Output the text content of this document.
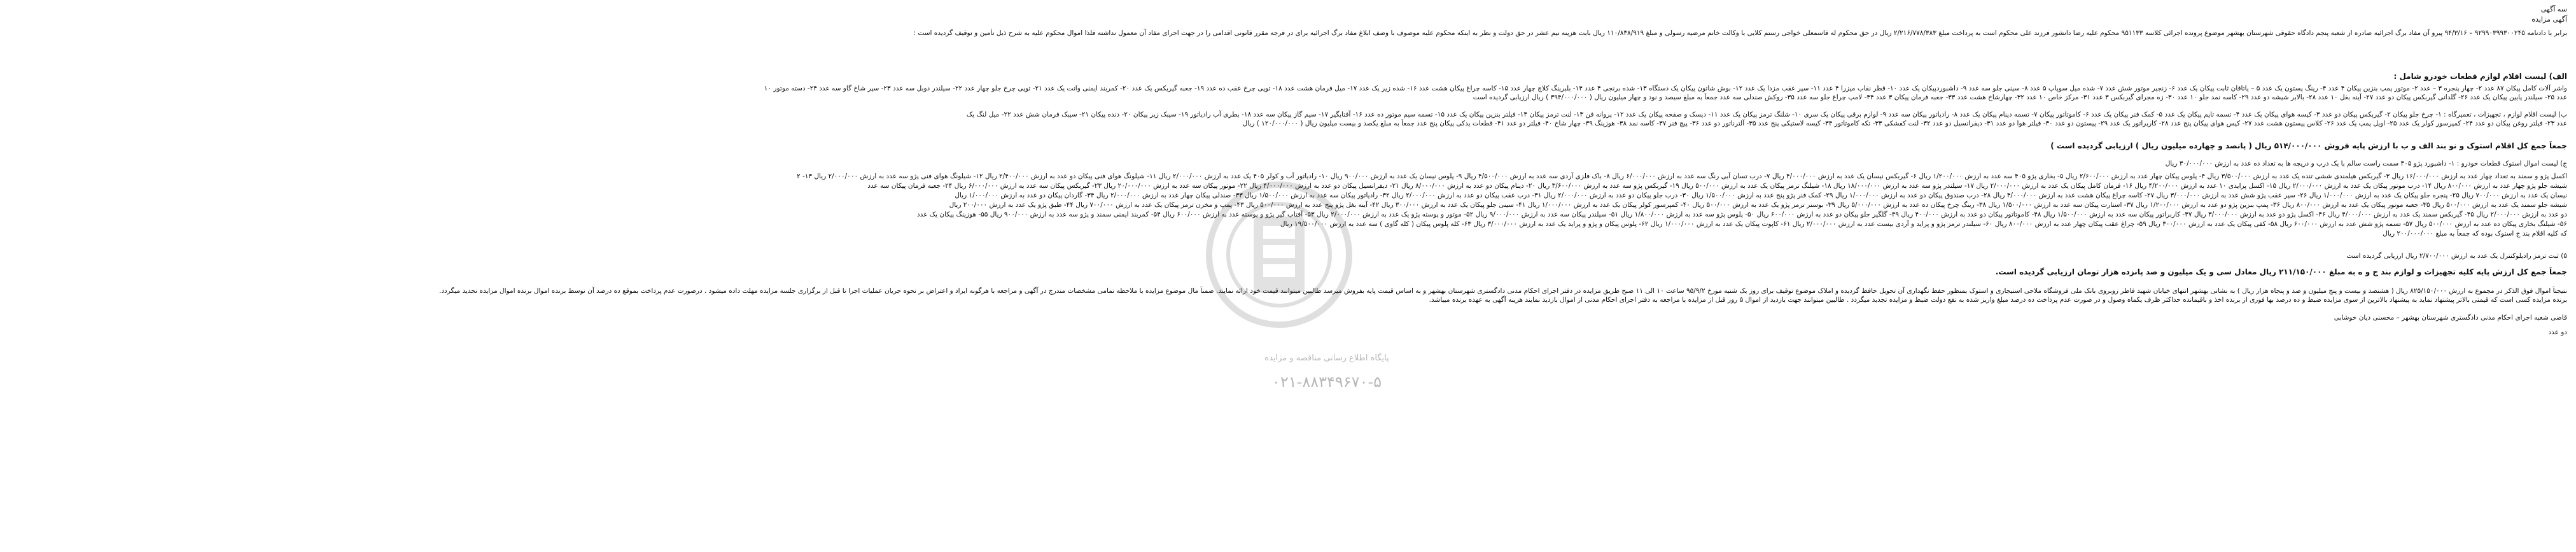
سه آگهی
آگهی مزایده
برابر با دادنامه ۹۲۹۹۰۳۹۹۳۰۰۲۴۵ – ۹۴/۳/۱۶ پیرو آن مفاد برگ اجرائیه صادره از شعبه پنجم دادگاه حقوقی شهرستان بهشهر موضوع پرونده اجرائی کلاسه ۹۵۱۱۳۳ محکوم علیه رضا دانشور فرزند علی محکوم است به پرداخت مبلغ ۲/۲۱۶/۷۷۸/۳۸۳ ریال در حق محکوم له قاسمعلی خواجی رستم کلایی با وکالت خانم مرضیه رسولی و مبلغ ۱۱۰/۸۳۸/۹۱۹ ریال بابت هزینه نیم عشر در حق دولت و نظر به اینکه محکوم علیه موصوف با وصف ابلاغ مفاد برگ اجرائیه برای در فرجه مقرر قانونی اقدامی را در جهت اجرای مفاد آن معمول نداشته فلذا اموال محکوم علیه به شرح ذیل تأمین و توقیف گردیده است :
الف) لیست اقلام لوازم قطعات خودرو شامل :
واشر آلات کامل پیکان ۸۷ عدد ۲- چهار پنجره ۳ – عدد ۲- موتور پمپ بنزین پیکان ۴ عدد ۴- رینگ پستون یک عدد ۵ – یاتاقان ثابت پیکان یک عدد ۶- زنجیر موتور شش عدد ۷- شده میل سوپاپ ۵ عدد ۸- سینی جلو سه عدد ۹- داشبوردپیکان یک عدد ۱۰- قطر نقاب میزرا ۴ عدد ۱۱- سپر عقب مزدا یک عدد ۱۲- بوش شاتون پیکان یک دستگاه ۱۳- شده برنجی ۴ عدد ۱۴- بلبرینگ کلاچ چهار عدد ۱۵- کاسه چراغ پیکان هشت عدد ۱۶- شده زیر یک عدد ۱۷- میل فرمان هشت عدد ۱۸- توپی چرخ عقب ده عدد ۱۹- جعبه گیربکس یک عدد ۲۰- کمربند ایمنی وانت یک عدد ۲۱- توپی چرخ جلو چهار عدد ۲۲- سیلندر دوبل سه عدد ۲۳- سپر شاخ گاو سه عدد ۲۴- دسته موتور ۱۰
عدد ۲۵- سیلندر پایین پیکان یک عدد ۲۶- گلدانی گیربکس پیکان دو عدد ۲۷- آینه بغل ۱۰ عدد ۲۸- بالابر شیشه دو عدد ۲۹- کاسه نمد جلو ۱۰ عدد ۳۰- زه مجرای گیربکس ۳ عدد ۳۱- مرکز خاص ۱۰ عدد ۳۲- چهارشاخ هشت عدد ۳۳- جعبه فرمان پیکان ۳ عدد ۳۴- لامپ چراغ جلو سه عدد ۳۵- روکش صندلی سه عدد جمعاً به مبلغ سیصد و نود و چهار میلیون ریال ( ۳۹۴/۰۰۰/۰۰۰ ) ریال ارزیابی گردیده است
ب) لیست اقلام لوازم ، تجهیزات ، تعمیرگاه : ۱- چرخ جلو پیکان ۲- گیربکس پیکان دو عدد ۳- کیسه هوای پیکان یک عدد ۴- تسمه تایم پیکان یک عدد ۵- کمک فنر پیکان یک عدد ۶- کاموتاتور پیکان ۷- تسمه دینام پیکان یک عدد ۸- رادیاتور پیکان سه عدد ۹- لوازم برقی پیکان یک سری ۱۰- شلنگ ترمز پیکان یک عدد ۱۱- دیسک و صفحه پیکان یک عدد ۱۲- پروانه فن ۱۳- لنت ترمز پیکان ۱۴- فیلتر بنزین پیکان یک عدد ۱۵- تسمه سیم موتور ده عدد ۱۶- آفتابگیر ۱۷- سیم گاز پیکان سه عدد ۱۸- بطری آب رادیاتور ۱۹- سیبک زیر پیکان ۲۰- دنده پیکان ۲۱- سیبک فرمان شش عدد ۲۲- میل لنگ یک
عدد ۲۳- فیلتر روغن پیکان دو عدد ۲۴- کمپرسور کولر یک عدد ۲۵- اویل پمپ یک عدد ۲۶- کلاس پیستون هشت عدد ۲۷- کیس هوای پیکان پنج عدد ۲۸- کاربراتور یک عدد ۲۹- پیستون دو عدد ۳۰- فیلتر هوا دو عدد ۳۱- دیفرانسیل دو عدد ۳۲- لنت کفشکی ۳۳- تکه کاموتاتور ۳۴- کیسه لاستیکی پنج عدد ۳۵- آلترناتور دو عدد ۳۶- پیچ فنر ۳۷- کاسه نمد ۳۸- هوزینگ ۳۹- چهار شاخ ۴۰- فیلتر دو عدد ۴۱- قطعات یدکی پیکان پنج عدد جمعاً به مبلغ یکصد و بیست میلیون ریال ( ۱۲۰/۰۰۰/۰۰۰ ) ریال
جمعاً جمع کل اقلام استوک و نو بند الف و ب با ارزش پایه فروش ۵۱۴/۰۰۰/۰۰۰ ریال ( پانصد و چهارده میلیون ریال ) ارزیابی گردیده است )
ج) لیست اموال استوک قطعات خودرو : ۱- داشبورد پژو ۴۰۵ سمت راست سالم با یک درب و دریچه ها به تعداد ده عدد به ارزش ۳۰/۰۰۰/۰۰۰ ریال
اکسل پژو و سمند به تعداد چهار عدد به ارزش ۱۶/۰۰۰/۰۰۰ ریال ۳- گیربکس هیلمندی ششی تنده یک عدد به ارزش ۳/۵۰۰/۰۰۰ ریال ۴- پلوس پیکان چهار عدد به ارزش ۲/۶۰۰/۰۰۰ ریال ۵- بخاری پژو ۴۰۵ سه عدد به ارزش ۱/۲۰۰/۰۰۰ ریال ۶- گیربکس نیسان یک عدد به ارزش ۴/۰۰۰/۰۰۰ ریال ۷- درب تسان آبی رنگ سه عدد به ارزش ۶/۰۰۰/۰۰۰ ریال ۸- باک فلزی آردی سه عدد به ارزش ۴/۵۰۰/۰۰۰ ریال ۹- پلوس نیسان یک عدد به ارزش ۹۰۰/۰۰۰ ریال ۱۰- رادیاتور آب و کولر ۴۰۵ یک عدد به ارزش ۲/۰۰۰/۰۰۰ ریال ۱۱- شیلونگ هوای فنی پیکان دو عدد به ارزش ۲/۴۰۰/۰۰۰ ریال ۱۲- شیلونگ هوای فنی پژو سه عدد به ارزش ۲/۰۰۰/۰۰۰ ریال ۱۳- ۲
شیشه جلو پژو چهار عدد به ارزش ۸۰۰/۰۰۰ ریال ۱۴- درب موتور پیکان یک عدد به ارزش ۲/۰۰۰/۰۰۰ ریال ۱۵- اکسل پرایدی ۱۰ عدد به ارزش ۴/۲۰۰/۰۰۰ ریال ۱۶- فرمان کامل پیکان یک عدد به ارزش ۲/۰۰۰/۰۰۰ ریال ۱۷- سیلندر پژو سه عدد به ارزش ۱۸/۰۰۰/۰۰۰ ریال ۱۸- شیلنگ ترمز پیکان یک عدد به ارزش ۵۰۰/۰۰۰ ریال ۱۹- گیربکس پژو سه عدد به ارزش ۳/۶۰۰/۰۰۰ ریال ۲۰- دینام پیکان دو عدد به ارزش ۸/۰۰۰/۰۰۰ ریال ۲۱- دیفرانسیل پیکان دو عدد به ارزش ۴/۰۰۰/۰۰۰ ریال ۲۲- موتور پیکان سه عدد به ارزش ۲۰/۰۰۰/۰۰۰ ریال ۲۳- گیربکس پیکان سه عدد به ارزش ۶/۰۰۰/۰۰۰ ریال ۲۴- جعبه فرمان پیکان سه عدد
نیسان یک عدد به ارزش ۷۰۰/۰۰۰ ریال ۲۵- پنجره جلو پیکان یک عدد به ارزش ۱/۰۰۰/۰۰۰ ریال ۲۶- سپر عقب پژو شش عدد به ارزش ۳/۰۰۰/۰۰۰ ریال ۲۷- کاسه چراغ پیکان هشت عدد به ارزش ۴/۰۰۰/۰۰۰ ریال ۲۸- درب صندوق پیکان دو عدد به ارزش ۱/۰۰۰/۰۰۰ ریال ۲۹- کمک فنر پژو پنج عدد به ارزش ۱/۵۰۰/۰۰۰ ریال ۳۰- درب جلو پیکان دو عدد به ارزش ۲/۰۰۰/۰۰۰ ریال ۳۱- درب عقب پیکان دو عدد به ارزش ۲/۰۰۰/۰۰۰ ریال ۳۲- رادیاتور پیکان سه عدد به ارزش ۱/۵۰۰/۰۰۰ ریال ۳۳- صندلی پیکان چهار عدد به ارزش ۲/۰۰۰/۰۰۰ ریال ۳۴- گاردان پیکان دو عدد به ارزش ۱/۰۰۰/۰۰۰ ریال
شیشه جلو سمند یک عدد به ارزش ۵۰۰/۰۰۰ ریال ۳۵- جعبه موتور پیکان یک عدد به ارزش ۸۰۰/۰۰۰ ریال ۳۶- پمپ بنزین پژو دو عدد به ارزش ۱/۲۰۰/۰۰۰ ریال ۳۷- استارت پیکان سه عدد به ارزش ۱/۵۰۰/۰۰۰ ریال ۳۸- رینگ چرخ پیکان ده عدد به ارزش ۵/۰۰۰/۰۰۰ ریال ۳۹- بوستر ترمز پژو یک عدد به ارزش ۵۰۰/۰۰۰ ریال ۴۰- کمپرسور کولر پیکان یک عدد به ارزش ۱/۰۰۰/۰۰۰ ریال ۴۱- سینی جلو پیکان یک عدد به ارزش ۳۰۰/۰۰۰ ریال ۴۲- آینه بغل پژو پنج عدد به ارزش ۵۰۰/۰۰۰ ریال ۴۳- پمپ و مخزن ترمز پیکان یک عدد به ارزش ۷۰۰/۰۰۰ ریال ۴۴- طبق پژو یک عدد به ارزش ۲۰۰/۰۰۰ ریال
دو عدد به ارزش ۲/۰۰۰/۰۰۰ ریال ۴۵- گیربکس سمند یک عدد به ارزش ۴/۰۰۰/۰۰۰ ریال ۴۶- اکسل پژو دو عدد به ارزش ۳/۰۰۰/۰۰۰ ریال ۴۷- کاربراتور پیکان سه عدد به ارزش ۱/۵۰۰/۰۰۰ ریال ۴۸- کاموتاتور پیکان دو عدد به ارزش ۴۰۰/۰۰۰ ریال ۴۹- گلگیر جلو پیکان دو عدد به ارزش ۶۰۰/۰۰۰ ریال ۵۰- پلوس پژو سه عدد به ارزش ۱/۸۰۰/۰۰۰ ریال ۵۱- سیلندر پیکان سه عدد به ارزش ۹/۰۰۰/۰۰۰ ریال ۵۲- موتور و پوسته پژو یک عدد به ارزش ۲/۰۰۰/۰۰۰ ریال ۵۳- آفتاب گیر پژو و پوسته عدد به ارزش ۶۰۰/۰۰۰ ریال ۵۴- کمربند ایمنی سمند و پژو سه عدد به ارزش ۹۰۰/۰۰۰ ریال ۵۵- هوزینگ پیکان یک عدد
۵۶- شیلنگ بخاری پیکان ده عدد به ارزش ۵۰۰/۰۰۰ ریال ۵۷- تسمه پژو شش عدد به ارزش ۶۰۰/۰۰۰ ریال ۵۸- کفی پیکان یک عدد به ارزش ۳۰۰/۰۰۰ ریال ۵۹- چراغ عقب پیکان چهار عدد به ارزش ۸۰۰/۰۰۰ ریال ۶۰- سیلندر ترمز پژو و پراید و آردی بیست عدد به ارزش ۲/۰۰۰/۰۰۰ ریال ۶۱- کاپوت پیکان یک عدد به ارزش ۱/۰۰۰/۰۰۰ ریال ۶۲- پلوس پیکان و پژو و پراید یک عدد به ارزش ۳/۰۰۰/۰۰۰ ریال ۶۳- کله پلوس پیکان ( کله گاوی ) سه عدد به ارزش ۱۹/۵۰۰/۰۰۰ ریال
که کلیه اقلام بند ج استوک بوده که جمعاً به مبلغ ۲۰۰/۰۰۰/۰۰۰ ریال
۵) ثبت ترمز رادیلوکنترل یک عدد به ارزش ۲/۷۰۰/۰۰۰ ریال ارزیابی گردیده است
جمعاً جمع کل ارزش پایه کلیه تجهیزات و لوازم بند ج و ه به مبلغ ۲۱۱/۱۵۰/۰۰۰ ریال معادل سی و یک میلیون و صد پانزده هزار تومان ارزیابی گردیده است.
نتیجتاً اموال فوق الذکر در مجموع به ارزش ۸۲۵/۱۵۰/۰۰۰ ریال ( هشتصد و بیست و پنج میلیون و صد و پنجاه هزار ریال ) به نشانی بهشهر انتهای خیابان شهید فاطر روبروی بانک ملی فروشگاه ملاحی استیجاری و استوک بمنظور حفظ نگهداری آن تحویل حافظ گردیده و املاک موضوع توقیف برای روز یک شنبه مورخ ۹۵/۹/۲ ساعت ۱۰ الی ۱۱ صبح طریق مزایده در دفتر اجرای احکام مدنی دادگستری شهرستان بهشهر و به اساس قیمت پایه بفروش میرسد طالبین میتوانند قیمت خود ارائه نمایند. ضمناً مال موضوع مزایده با ملاحظه تمامی مشخصات مندرج در آگهی و مراجعه با هرگونه ایراد و اعتراض بر نحوه جریان عملیات اجرا تا قبل از برگزاری جلسه مزایده مهلت داده میشود . درصورت عدم پرداخت بموقع ده درصد آن توسط برنده اموال برنده اموال مزایده تجدید میگردد.
برنده مزایده کسی است که قیمتی بالاتر پیشنهاد نماید به پیشنهاد بالاترین از سوی مزایده ضبط و ده درصد بها فوری از برنده اخذ و باقیمانده حداکثر ظرف یکماه وصول و در صورت عدم پرداخت ده درصد مبلغ واریز شده به نفع دولت ضبط و مزایده تجدید میگردد . طالبین میتوانند جهت بازدید از اموال ۵ روز قبل از مزایده با مراجعه به دفتر اجرای احکام مدنی از اموال بازدید نمایند هزینه آگهی به عهده برنده میباشد.
قاضی شعبه اجرای احکام مدنی دادگستری شهرستان بهشهر – محسنی دیان خوشابی
دو عدد
پایگاه اطلاع رسانی مناقصه و مزایده
۰۲۱-۸۸۳۴۹۶۷۰-۵
